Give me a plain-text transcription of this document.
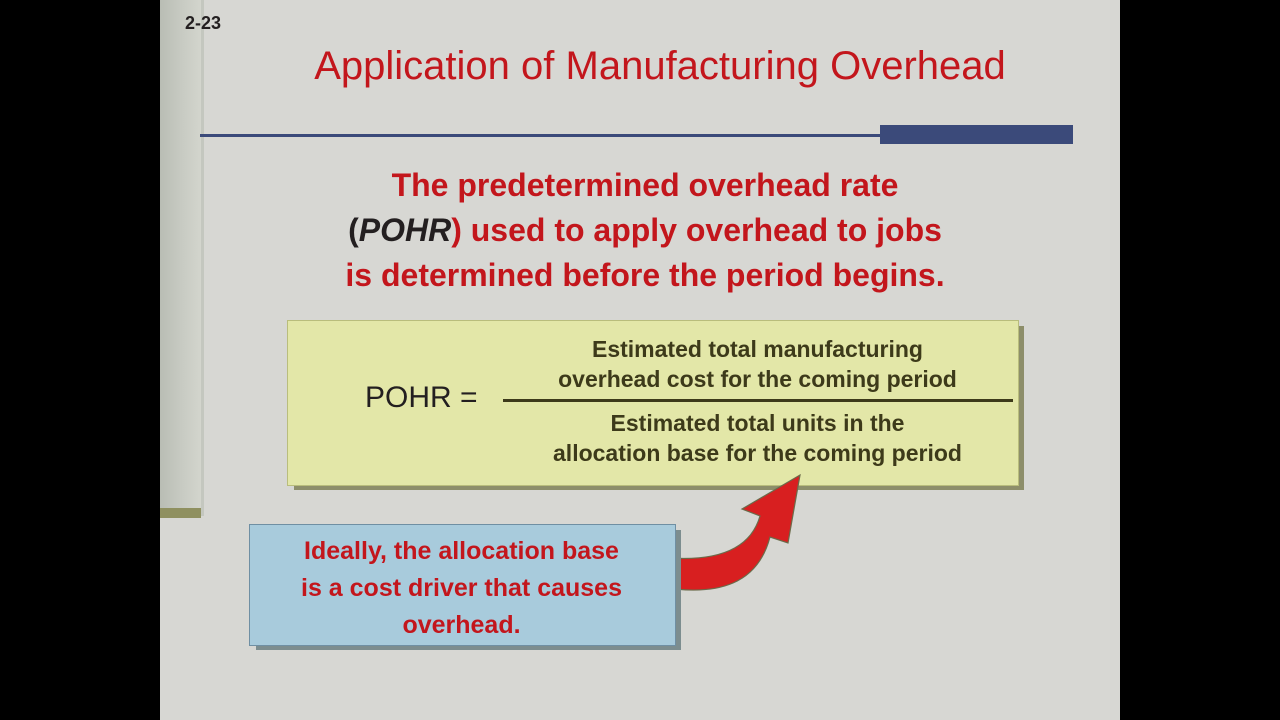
2-23
Application of Manufacturing Overhead
The predetermined overhead rate
(POHR) used to apply overhead to jobs
is determined before the period begins.
POHR =
Estimated total manufacturing
overhead cost for the coming period
Estimated total units in the
allocation base for the coming period
Ideally, the allocation base
is a cost driver that causes
overhead.
